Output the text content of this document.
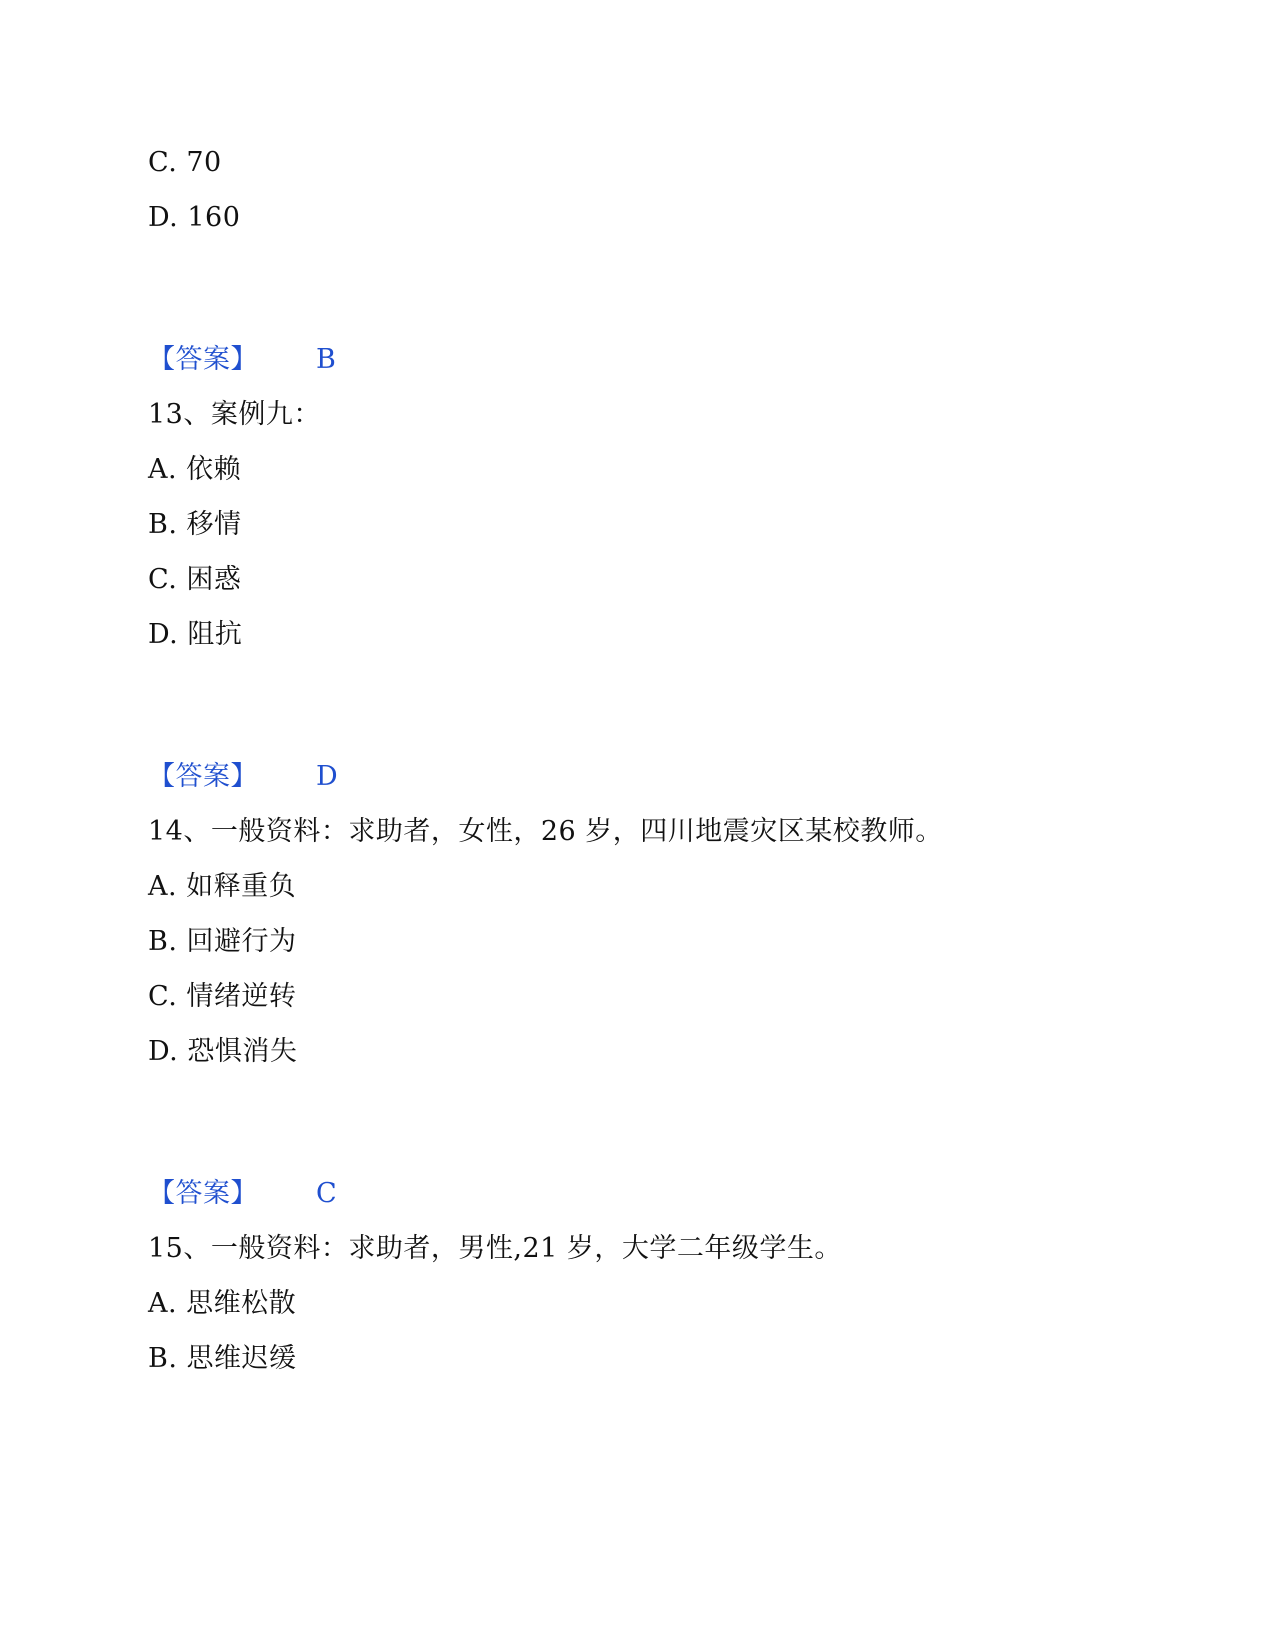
C. 70
D. 160
【答案】 B
13、案例九：
A. 依赖
B. 移情
C. 困惑
D. 阻抗
【答案】 D
14、一般资料：求助者，女性，26 岁，四川地震灾区某校教师。
A. 如释重负
B. 回避行为
C. 情绪逆转
D. 恐惧消失
【答案】 C
15、一般资料：求助者，男性,21 岁，大学二年级学生。
A. 思维松散
B. 思维迟缓
